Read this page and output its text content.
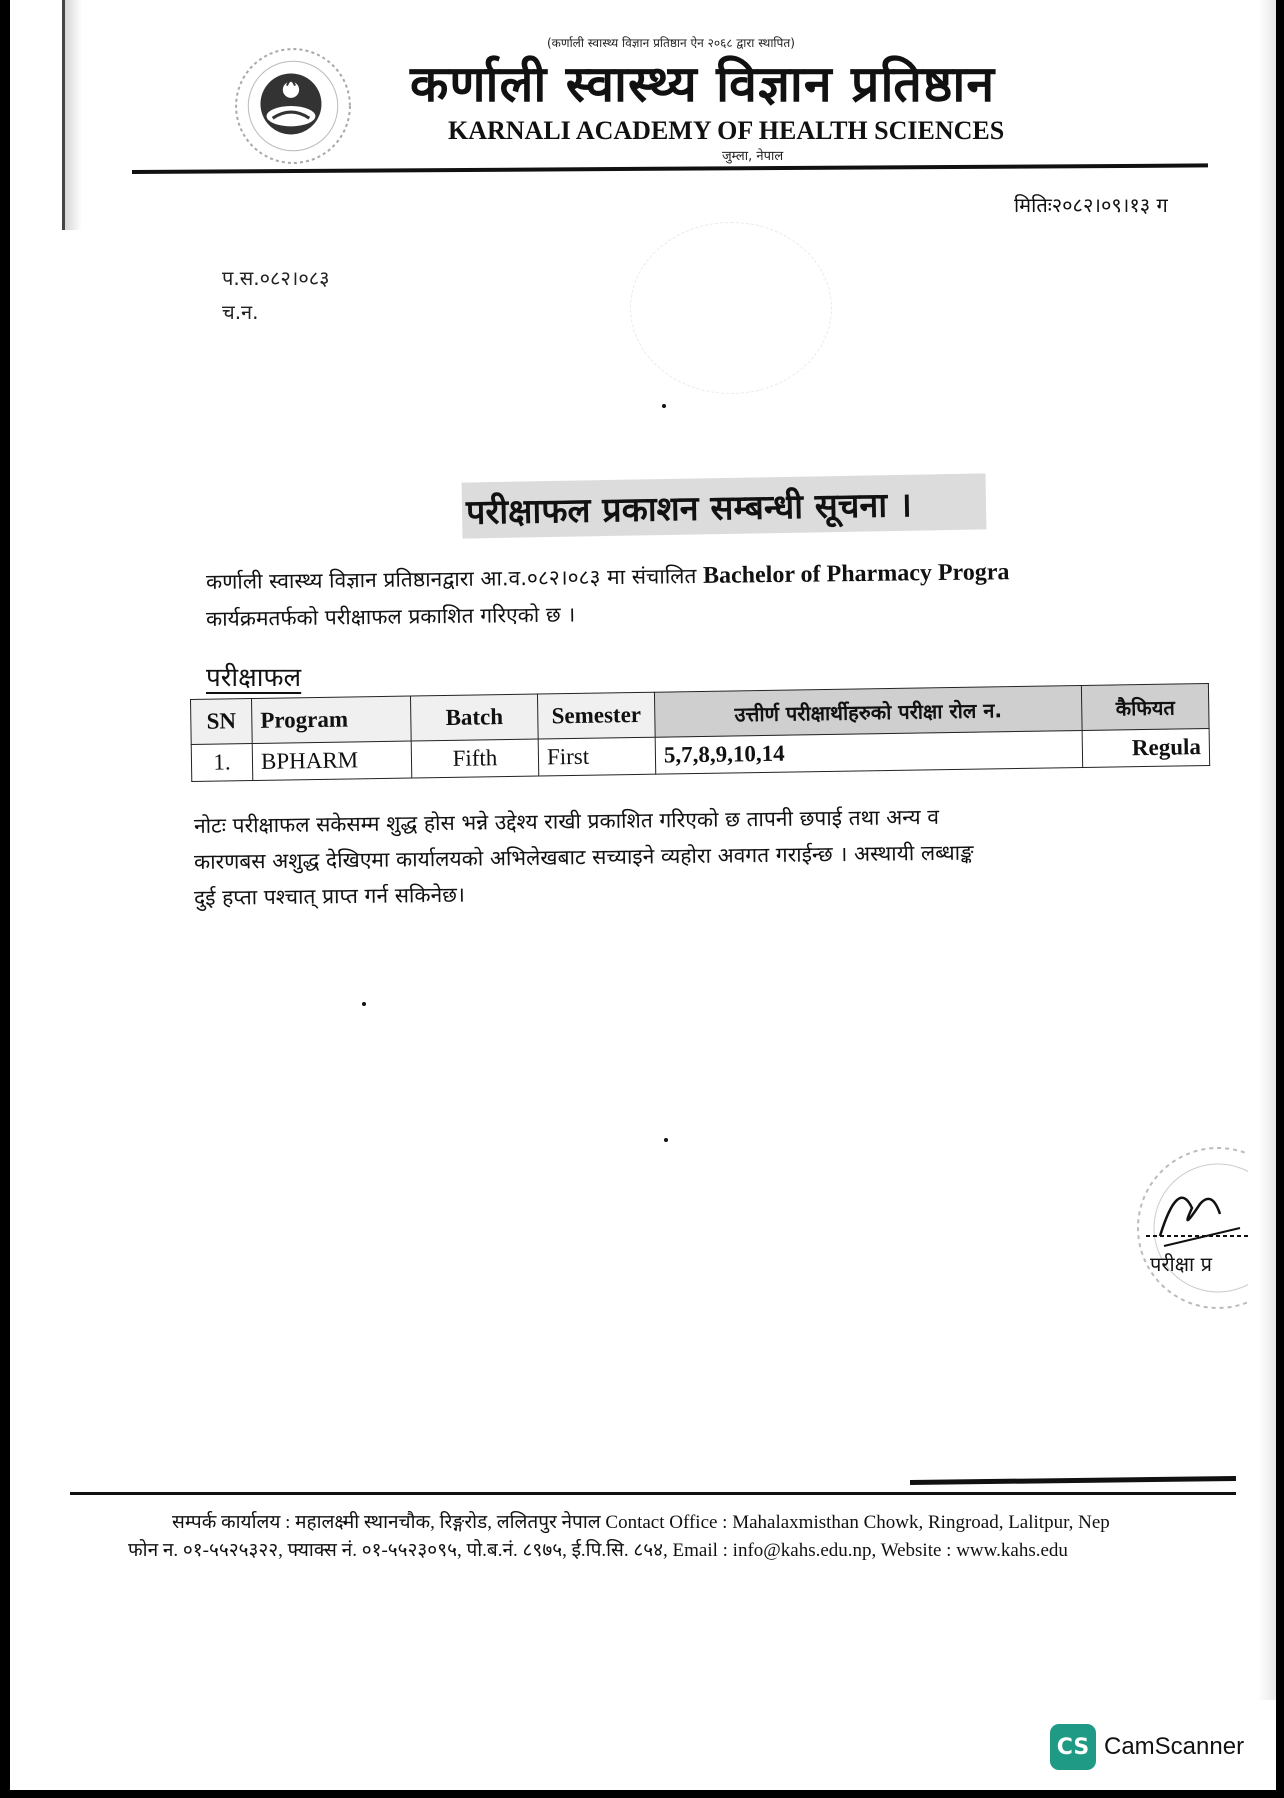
(कर्णाली स्वास्थ्य विज्ञान प्रतिष्ठान ऐन २०६८ द्वारा स्थापित)
कर्णाली स्वास्थ्य विज्ञान प्रतिष्ठान
KARNALI ACADEMY OF HEALTH SCIENCES
जुम्ला, नेपाल
मितिः२०८२।०९।१३ ग
प.स.०८२।०८३
च.न.
परीक्षाफल प्रकाशन सम्बन्धी सूचना ।
कर्णाली स्वास्थ्य विज्ञान प्रतिष्ठानद्वारा आ.व.०८२।०८३ मा संचालित Bachelor of Pharmacy Progra
कार्यक्रमतर्फको परीक्षाफल प्रकाशित गरिएको छ ।
परीक्षाफल
SN	Program	Batch	Semester	उत्तीर्ण परीक्षार्थीहरुको परीक्षा रोल न.	कैफियत
1.	BPHARM	Fifth	First	5,7,8,9,10,14	Regula
नोटः परीक्षाफल सकेसम्म शुद्ध होस भन्ने उद्देश्य राखी प्रकाशित गरिएको छ तापनी छपाई तथा अन्य व
कारणबस अशुद्ध देखिएमा कार्यालयको अभिलेखबाट सच्याइने व्यहोरा अवगत गराईन्छ । अस्थायी लब्धाङ्क
दुई हप्ता पश्चात् प्राप्त गर्न सकिनेछ।
परीक्षा प्र
सम्पर्क कार्यालय : महालक्ष्मी स्थानचौक, रिङ्गरोड, ललितपुर नेपाल Contact Office : Mahalaxmisthan Chowk, Ringroad, Lalitpur, Nep
फोन न. ०१-५५२५३२२, फ्याक्स नं. ०१-५५२३०९५, पो.ब.नं. ८९७५, ई.पि.सि. ८५४, Email : info@kahs.edu.np, Website : www.kahs.edu
CS CamScanner
